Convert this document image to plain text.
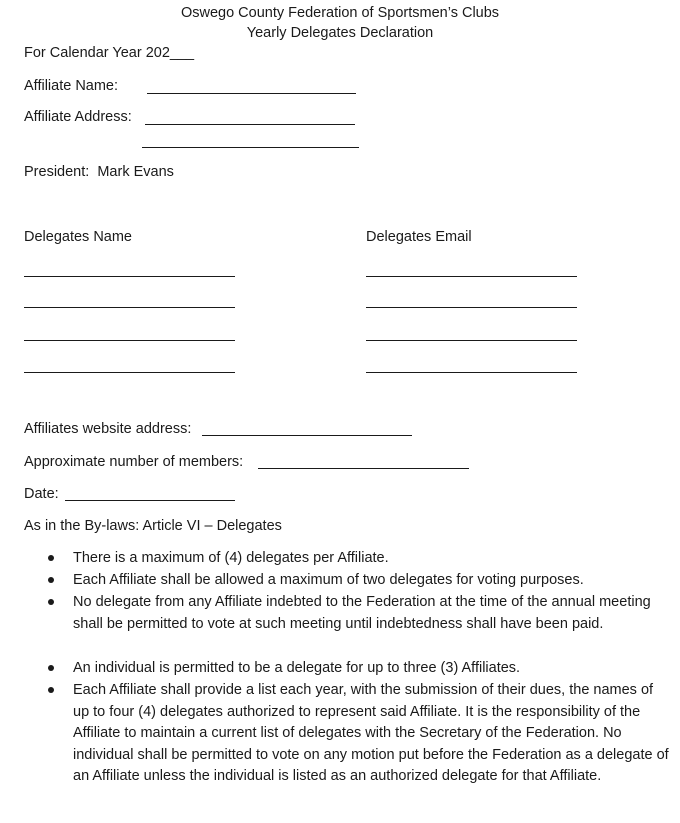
Oswego County Federation of Sportsmen’s Clubs
Yearly Delegates Declaration
For Calendar Year 202___
Affiliate Name:
Affiliate Address:
President:  Mark Evans
Delegates Name	Delegates Email
Affiliates website address:
Approximate number of members:
Date:
As in the By-laws: Article VI – Delegates
There is a maximum of (4) delegates per Affiliate.
Each Affiliate shall be allowed a maximum of two delegates for voting purposes.
No delegate from any Affiliate indebted to the Federation at the time of the annual meeting shall be permitted to vote at such meeting until indebtedness shall have been paid.
An individual is permitted to be a delegate for up to three (3) Affiliates.
Each Affiliate shall provide a list each year, with the submission of their dues, the names of up to four (4) delegates authorized to represent said Affiliate. It is the responsibility of the Affiliate to maintain a current list of delegates with the Secretary of the Federation. No individual shall be permitted to vote on any motion put before the Federation as a delegate of an Affiliate unless the individual is listed as an authorized delegate for that Affiliate.
